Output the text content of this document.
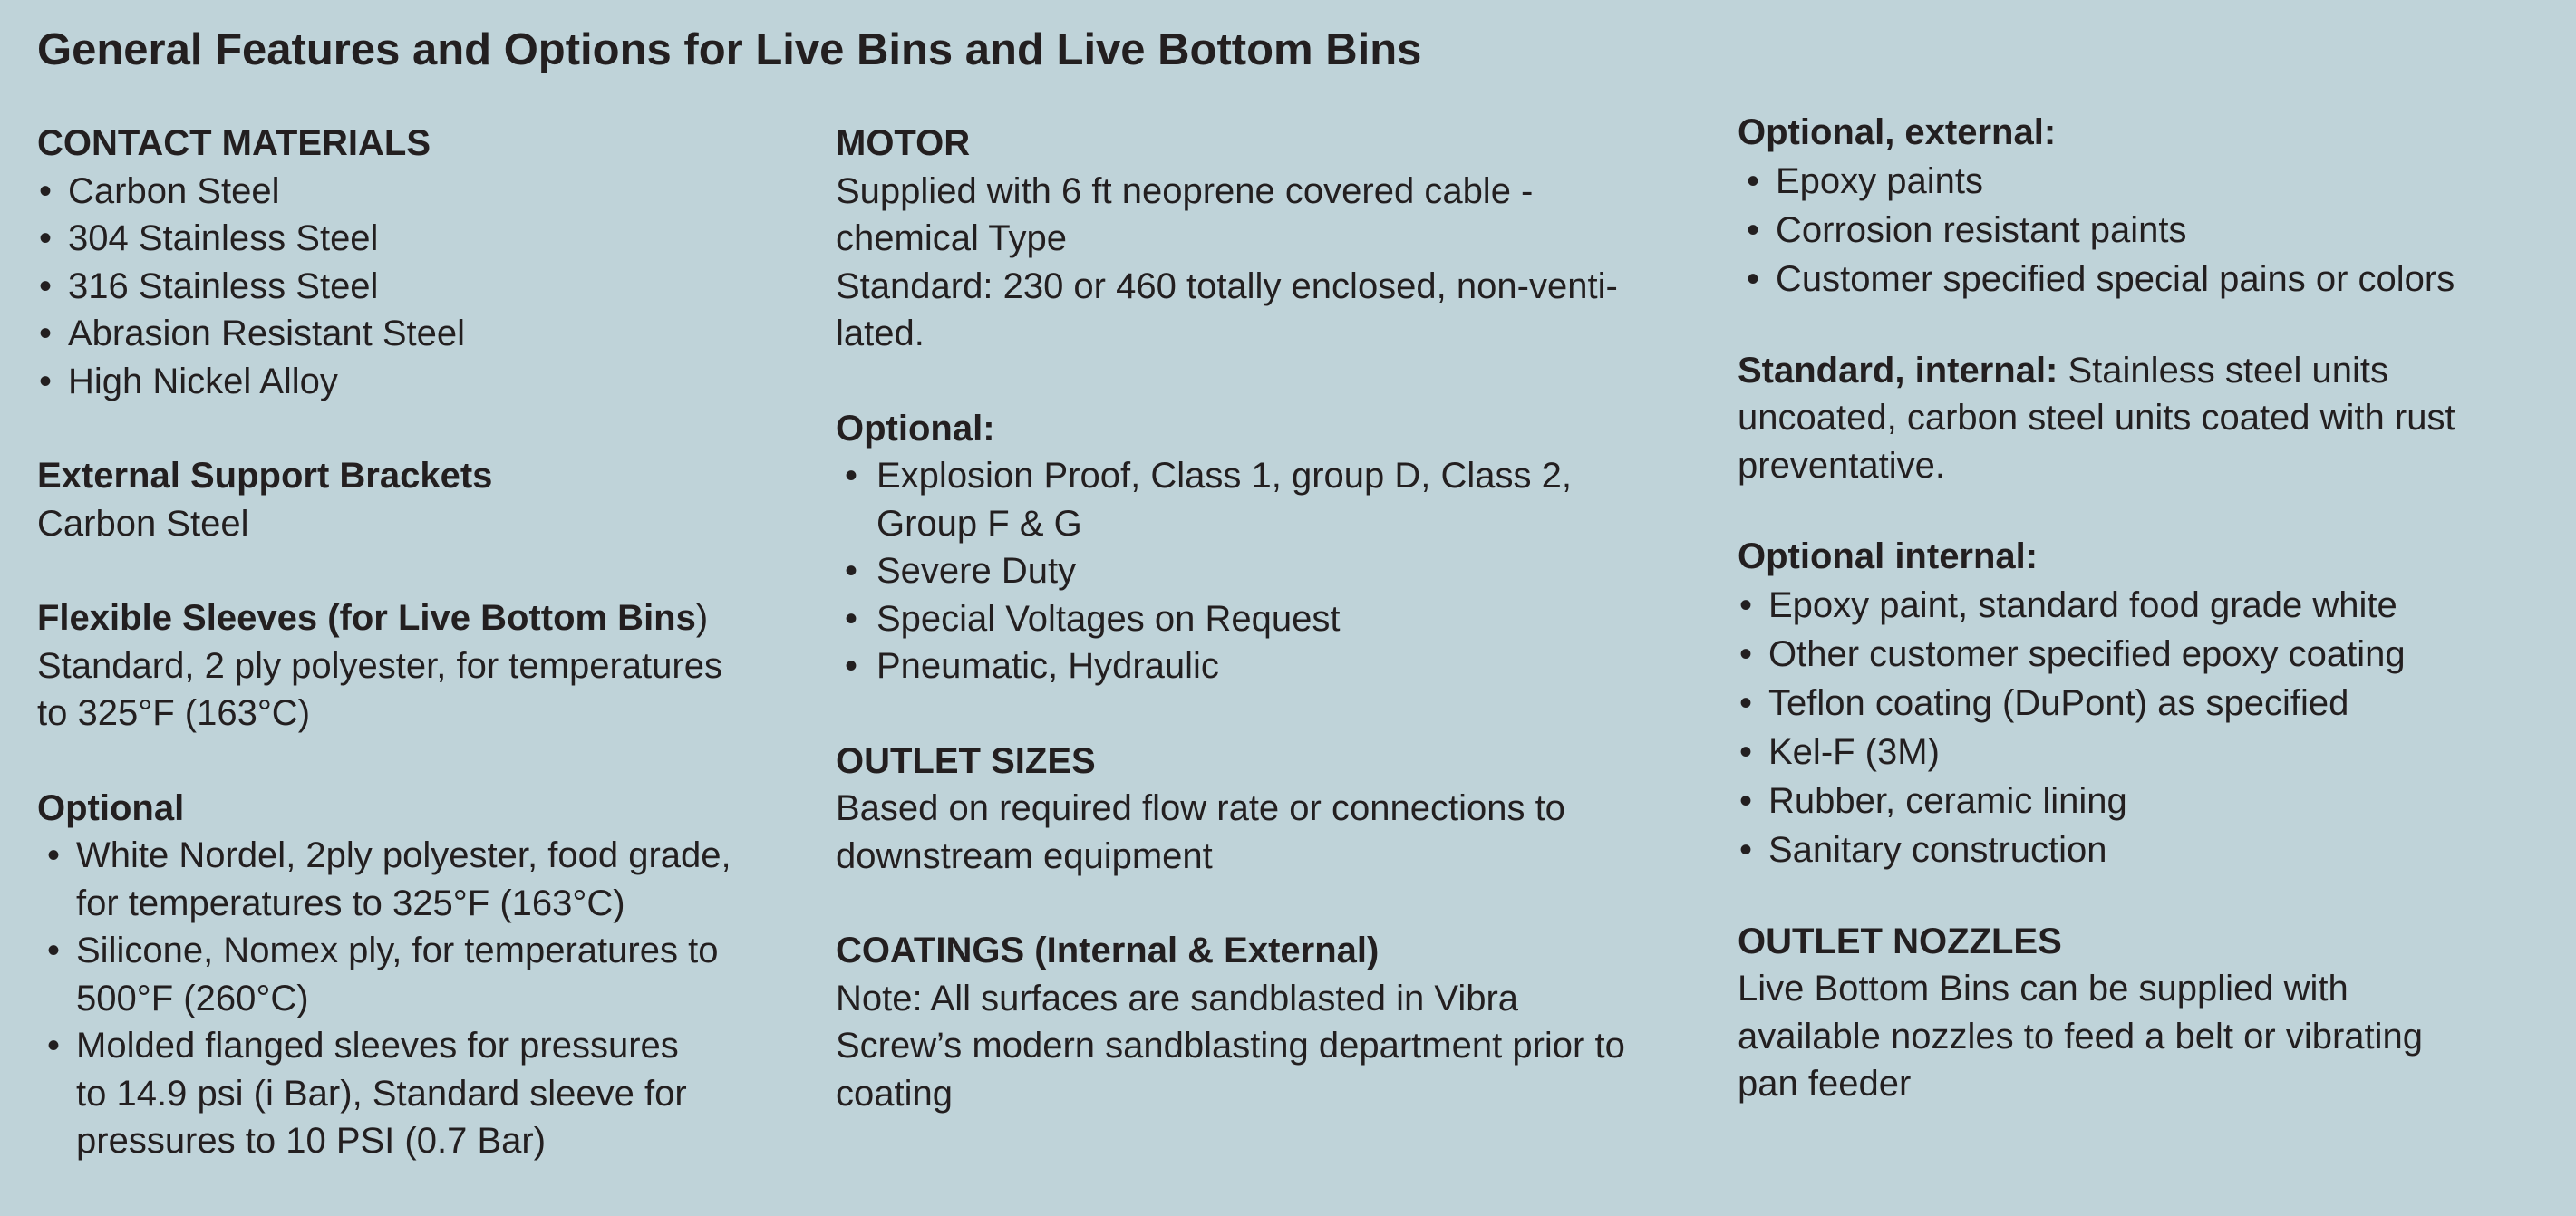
General Features and Options for Live Bins and Live Bottom Bins
CONTACT MATERIALS
• Carbon Steel
• 304 Stainless Steel
• 316 Stainless Steel
• Abrasion Resistant Steel
• High Nickel Alloy
External Support Brackets
Carbon Steel
Flexible Sleeves (for Live Bottom Bins)
Standard, 2 ply polyester, for temperatures
to 325°F (163°C)
Optional
• White Nordel, 2ply polyester, food grade,
for temperatures to 325°F (163°C)
• Silicone, Nomex ply, for temperatures to
500°F (260°C)
• Molded flanged sleeves for pressures
to 14.9 psi (i Bar), Standard sleeve for
pressures to 10 PSI (0.7 Bar)
MOTOR
Supplied with 6 ft neoprene covered cable -
chemical Type
Standard: 230 or 460 totally enclosed, non-venti-
lated.
Optional:
• Explosion Proof, Class 1, group D, Class 2,
Group F & G
• Severe Duty
• Special Voltages on Request
• Pneumatic, Hydraulic
OUTLET SIZES
Based on required flow rate or connections to
downstream equipment
COATINGS (Internal & External)
Note: All surfaces are sandblasted in Vibra
Screw’s modern sandblasting department prior to
coating
Optional, external:
• Epoxy paints
• Corrosion resistant paints
• Customer specified special pains or colors
Standard, internal: Stainless steel units
uncoated, carbon steel units coated with rust
preventative.
Optional internal:
• Epoxy paint, standard food grade white
• Other customer specified epoxy coating
• Teflon coating (DuPont) as specified
• Kel-F (3M)
• Rubber, ceramic lining
• Sanitary construction
OUTLET NOZZLES
Live Bottom Bins can be supplied with
available nozzles to feed a belt or vibrating
pan feeder
